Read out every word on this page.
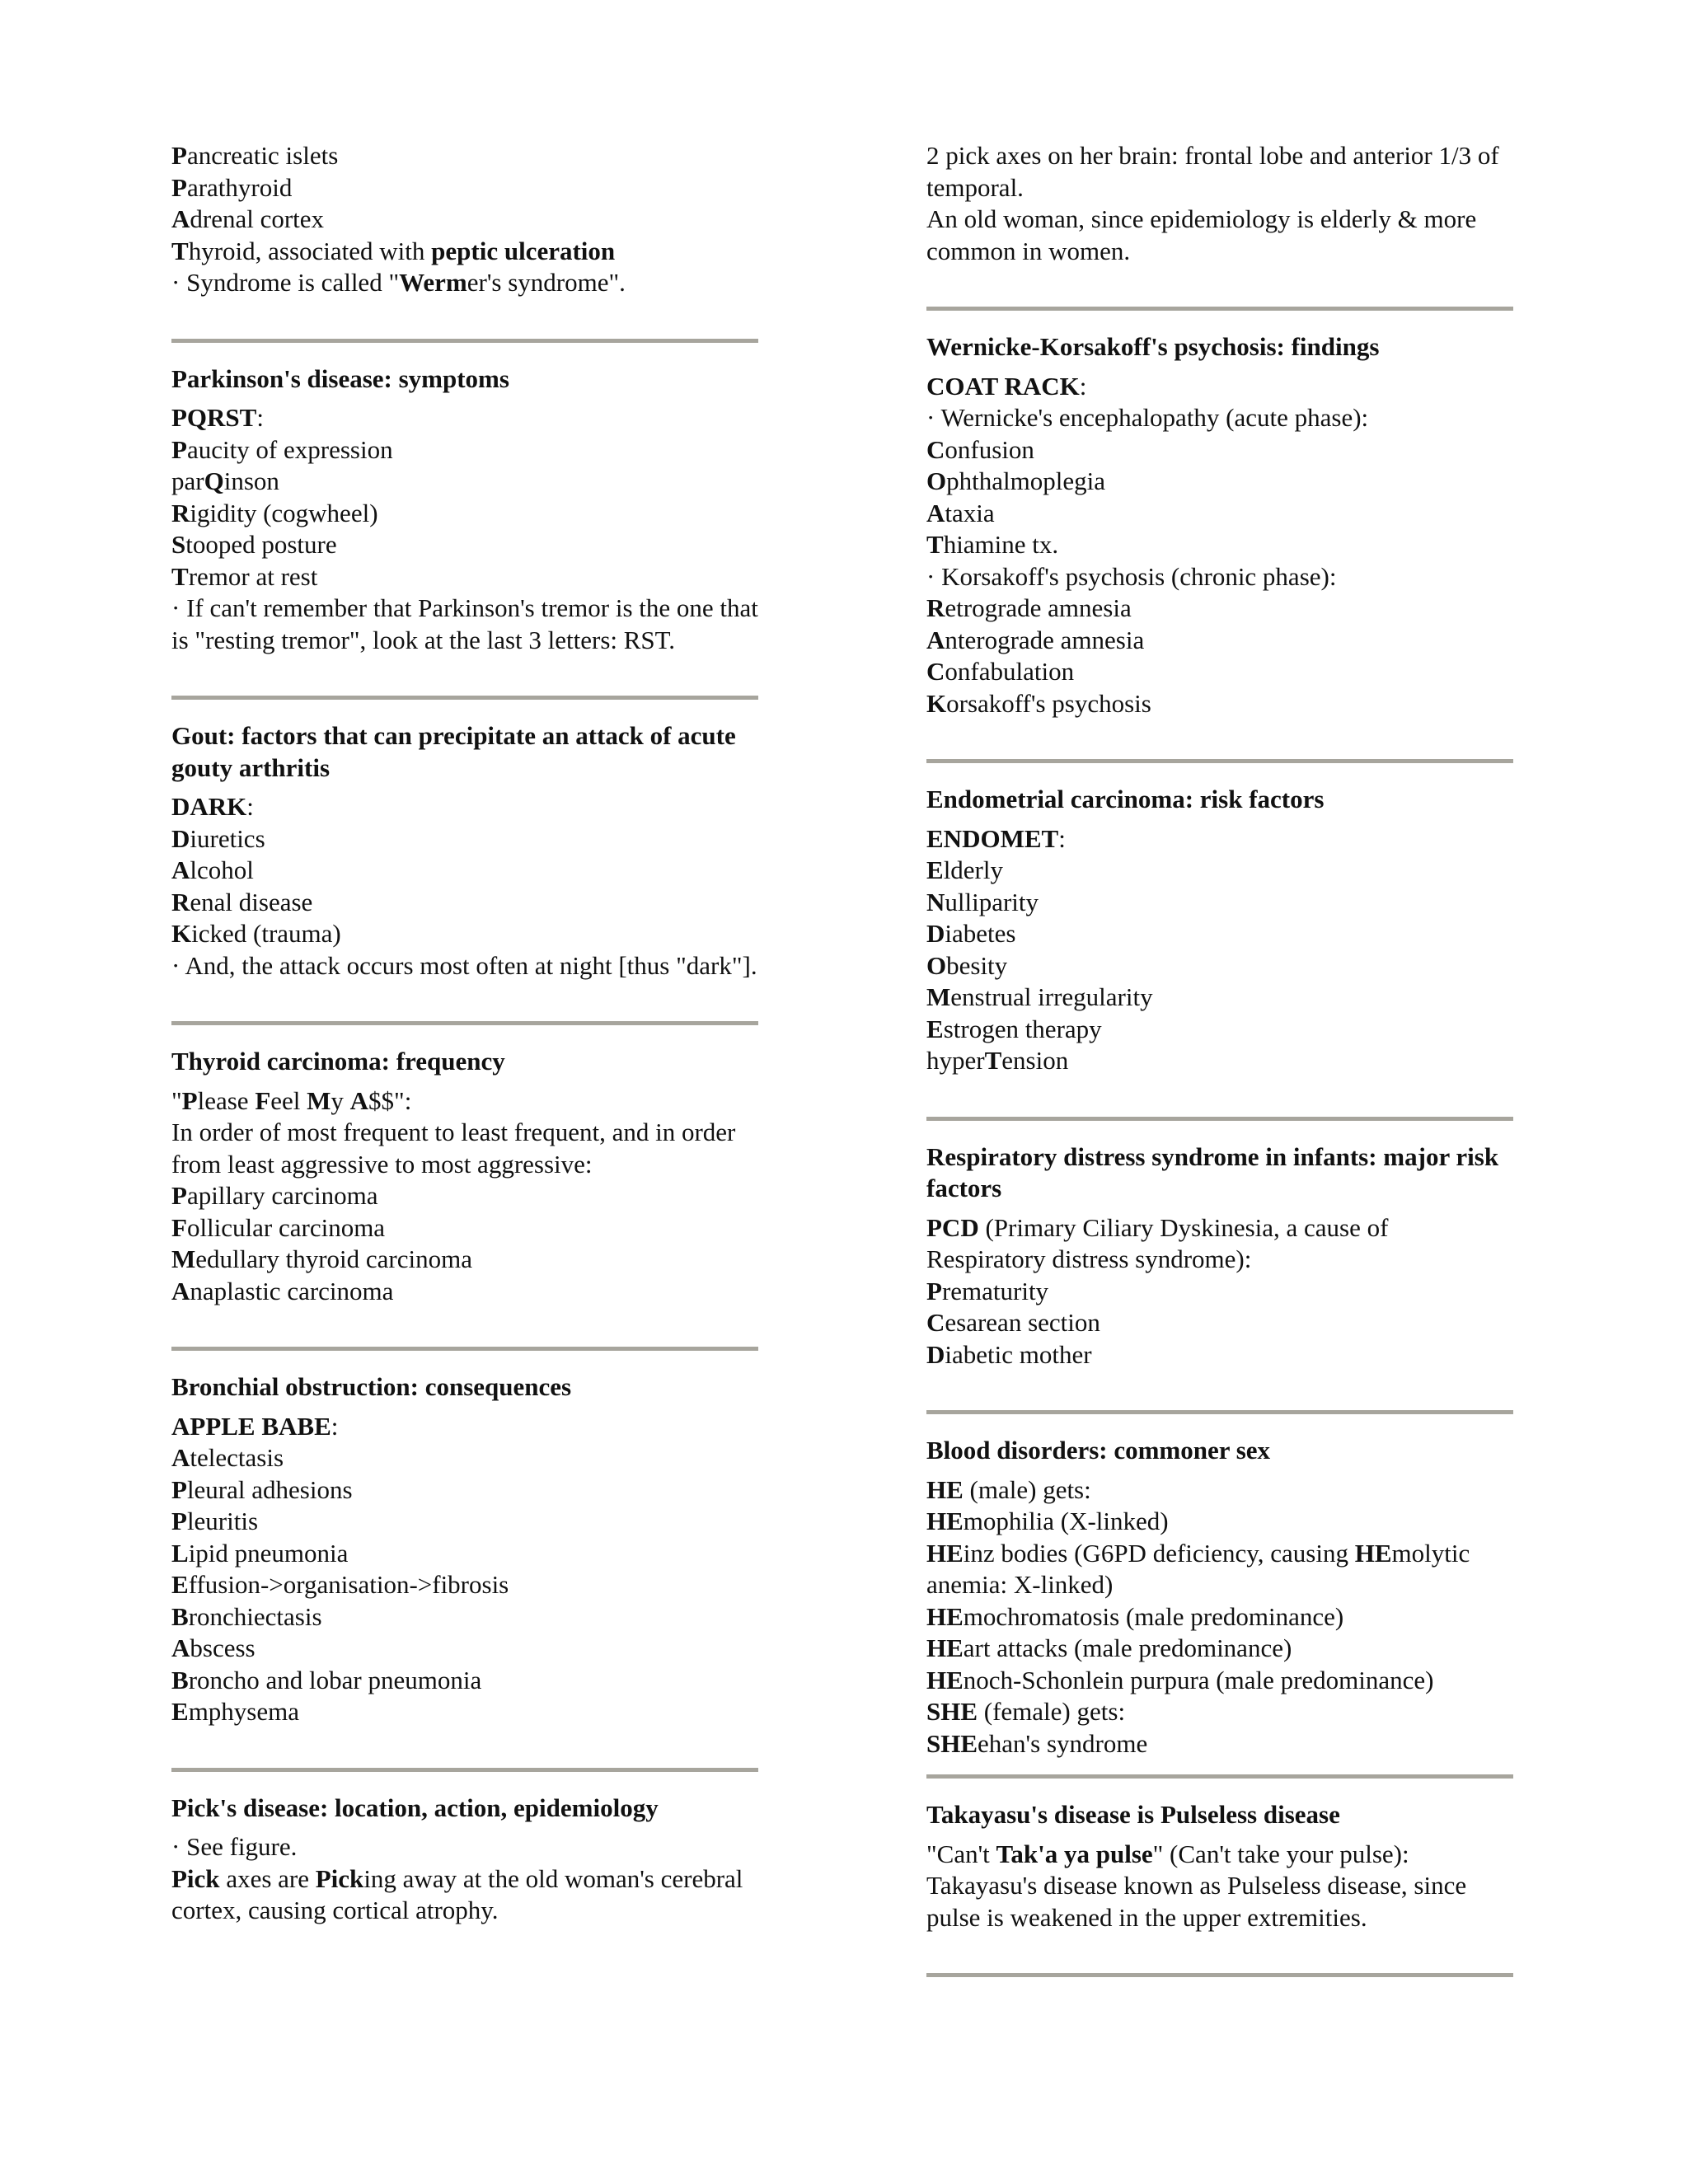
Pancreatic islets
Parathyroid
Adrenal cortex
Thyroid, associated with peptic ulceration
· Syndrome is called "Wermer's syndrome".
Parkinson's disease: symptoms
PQRST:
Paucity of expression
parQinson
Rigidity (cogwheel)
Stooped posture
Tremor at rest
· If can't remember that Parkinson's tremor is the one that is "resting tremor", look at the last 3 letters: RST.
Gout: factors that can precipitate an attack of acute gouty arthritis
DARK:
Diuretics
Alcohol
Renal disease
Kicked (trauma)
· And, the attack occurs most often at night [thus "dark"].
Thyroid carcinoma: frequency
"Please Feel My A$$":
In order of most frequent to least frequent, and in order from least aggressive to most aggressive:
Papillary carcinoma
Follicular carcinoma
Medullary thyroid carcinoma
Anaplastic carcinoma
Bronchial obstruction: consequences
APPLE BABE:
Atelectasis
Pleural adhesions
Pleuritis
Lipid pneumonia
Effusion->organisation->fibrosis
Bronchiectasis
Abscess
Broncho and lobar pneumonia
Emphysema
Pick's disease: location, action, epidemiology
· See figure.
Pick axes are Picking away at the old woman's cerebral cortex, causing cortical atrophy.
2 pick axes on her brain: frontal lobe and anterior 1/3 of temporal.
An old woman, since epidemiology is elderly & more common in women.
Wernicke-Korsakoff's psychosis: findings
COAT RACK:
· Wernicke's encephalopathy (acute phase):
Confusion
Ophthalmoplegia
Ataxia
Thiamine tx.
· Korsakoff's psychosis (chronic phase):
Retrograde amnesia
Anterograde amnesia
Confabulation
Korsakoff's psychosis
Endometrial carcinoma: risk factors
ENDOMET:
Elderly
Nulliparity
Diabetes
Obesity
Menstrual irregularity
Estrogen therapy
hyperTension
Respiratory distress syndrome in infants: major risk factors
PCD (Primary Ciliary Dyskinesia, a cause of Respiratory distress syndrome):
Prematurity
Cesarean section
Diabetic mother
Blood disorders: commoner sex
HE (male) gets:
HEmophilia (X-linked)
HEinz bodies (G6PD deficiency, causing HEmolytic anemia: X-linked)
HEmochromatosis (male predominance)
HEart attacks (male predominance)
HEnoch-Schonlein purpura (male predominance)
SHE (female) gets:
SHEehan's syndrome
Takayasu's disease is Pulseless disease
"Can't Tak'a ya pulse" (Can't take your pulse): Takayasu's disease known as Pulseless disease, since pulse is weakened in the upper extremities.
